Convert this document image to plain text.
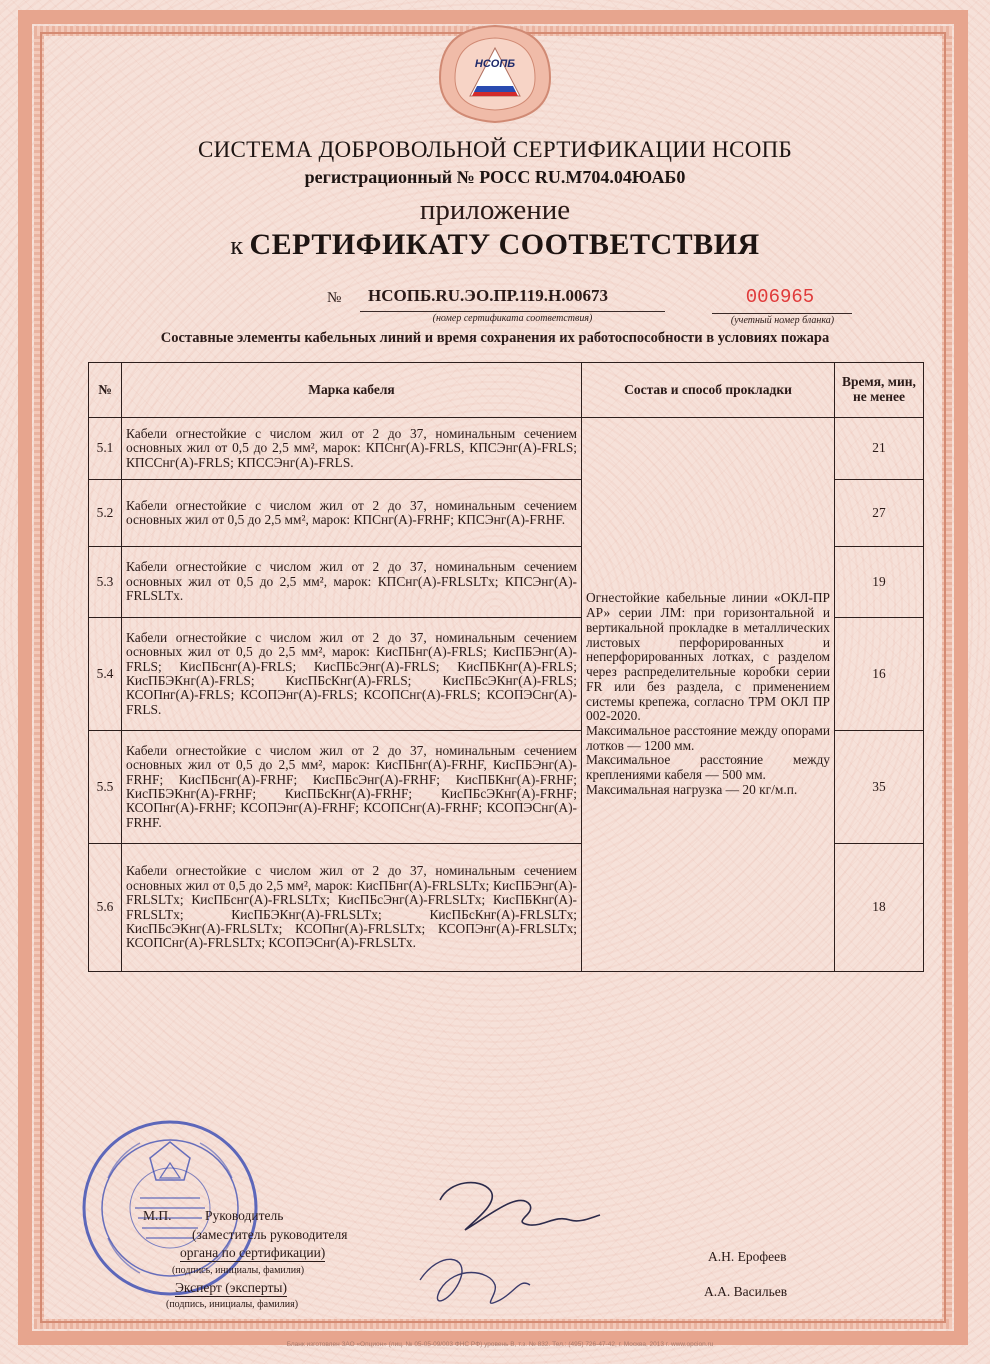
НСОПБ
СИСТЕМА ДОБРОВОЛЬНОЙ СЕРТИФИКАЦИИ НСОПБ
регистрационный № РОСС RU.М704.04ЮАБ0
приложение
к СЕРТИФИКАТУ СООТВЕТСТВИЯ
№ НСОПБ.RU.ЭО.ПР.119.Н.00673
(номер сертификата соответствия)
006965
(учетный номер бланка)
Составные элементы кабельных линий и время сохранения их работоспособности в условиях пожара
№	Марка кабеля	Состав и способ прокладки	Время, мин, не менее
5.1	Кабели огнестойкие с числом жил от 2 до 37, номинальным сечением основных жил от 0,5 до 2,5 мм², марок: КПСнг(А)-FRLS, КПСЭнг(А)-FRLS; КПССнг(А)-FRLS; КПССЭнг(А)-FRLS.	Огнестойкие кабельные линии «ОКЛ-ПР АР» серии ЛМ: при горизонтальной и вертикальной прокладке в металлических листовых перфорированных и неперфорированных лотках, с разделом через распределительные коробки серии FR или без раздела, с применением системы крепежа, согласно ТРМ ОКЛ ПР 002-2020.
Максимальное расстояние между опорами лотков — 1200 мм.
Максимальное расстояние между креплениями кабеля — 500 мм.
Максимальная нагрузка — 20 кг/м.п.	21
5.2	Кабели огнестойкие с числом жил от 2 до 37, номинальным сечением основных жил от 0,5 до 2,5 мм², марок: КПСнг(А)-FRHF; КПСЭнг(А)-FRHF.		27
5.3	Кабели огнестойкие с числом жил от 2 до 37, номинальным сечением основных жил от 0,5 до 2,5 мм², марок: КПСнг(А)-FRLSLTx; КПСЭнг(А)-FRLSLTx.		19
5.4	Кабели огнестойкие с числом жил от 2 до 37, номинальным сечением основных жил от 0,5 до 2,5 мм², марок: КисПБнг(А)-FRLS; КисПБЭнг(А)-FRLS; КисПБснг(А)-FRLS; КисПБсЭнг(А)-FRLS; КисПБКнг(А)-FRLS; КисПБЭКнг(А)-FRLS; КисПБсКнг(А)-FRLS; КисПБсЭКнг(А)-FRLS; КСОПнг(А)-FRLS; КСОПЭнг(А)-FRLS; КСОПСнг(А)-FRLS; КСОПЭСнг(А)-FRLS.		16
5.5	Кабели огнестойкие с числом жил от 2 до 37, номинальным сечением основных жил от 0,5 до 2,5 мм², марок: КисПБнг(А)-FRHF, КисПБЭнг(А)-FRHF; КисПБснг(А)-FRHF; КисПБсЭнг(А)-FRHF; КисПБКнг(А)-FRHF; КисПБЭКнг(А)-FRHF; КисПБсКнг(А)-FRHF; КисПБсЭКнг(А)-FRHF; КСОПнг(А)-FRHF; КСОПЭнг(А)-FRHF; КСОПСнг(А)-FRHF; КСОПЭСнг(А)-FRHF.		35
5.6	Кабели огнестойкие с числом жил от 2 до 37, номинальным сечением основных жил от 0,5 до 2,5 мм², марок: КисПБнг(А)-FRLSLTx; КисПБЭнг(А)-FRLSLTx; КисПБснг(А)-FRLSLTx; КисПБсЭнг(А)-FRLSLTx; КисПБКнг(А)-FRLSLTx; КисПБЭКнг(А)-FRLSLTx; КисПБсКнг(А)-FRLSLTx; КисПБсЭКнг(А)-FRLSLTx; КСОПнг(А)-FRLSLTx; КСОПЭнг(А)-FRLSLTx; КСОПСнг(А)-FRLSLTx; КСОПЭСнг(А)-FRLSLTx.		18
М.П. Руководитель
(заместитель руководителя
органа по сертификации)
(подпись, инициалы, фамилия)
Эксперт (эксперты)
(подпись, инициалы, фамилия)
А.Н. Ерофеев
А.А. Васильев
Бланк изготовлен ЗАО «Опцион» (лиц. № 05-05-09/003 ФНС РФ) уровень В, т.з. № 832. Тел.: (495) 726-47-42, г. Москва, 2013 г. www.opcion.ru
